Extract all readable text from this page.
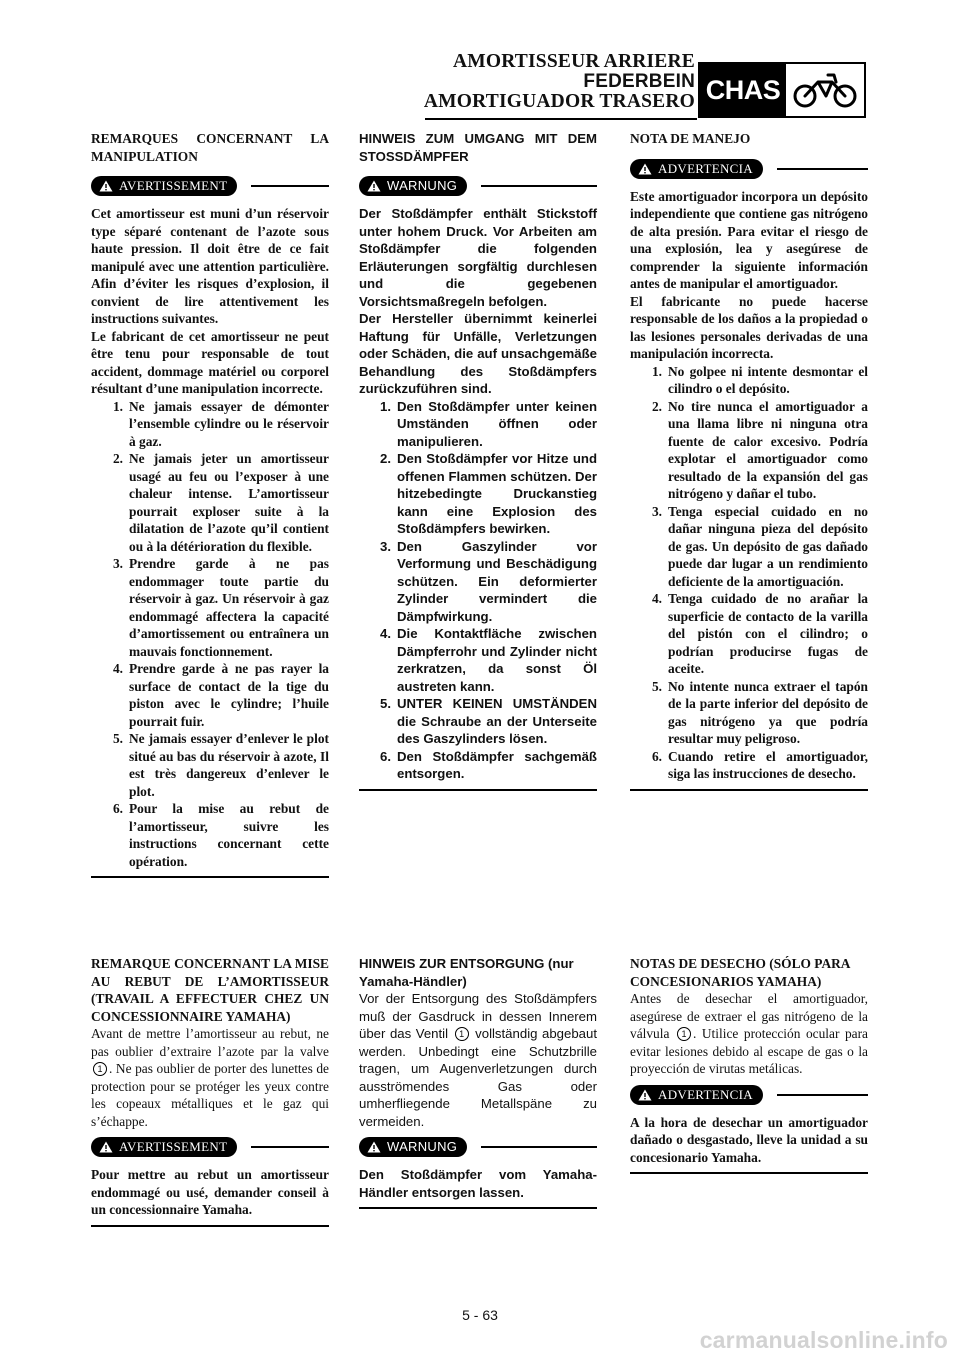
AMORTISSEUR ARRIERE
FEDERBEIN
AMORTIGUADOR TRASERO CHAS

REMARQUES CONCERNANT LA MANIPULATION

AVERTISSEMENT

Cet amortisseur est muni d’un réservoir type séparé contenant de l’azote sous haute pression. Il doit être de ce fait manipulé avec une attention particulière. Afin d’éviter les risques d’explosion, il convient de lire attentivement les instructions suivantes.

Le fabricant de cet amortisseur ne peut être tenu pour responsable de tout accident, dommage matériel ou corporel résultant d’une manipulation incorrecte.

1. Ne jamais essayer de démonter l’ensemble cylindre ou le réservoir à gaz.
2. Ne jamais jeter un amortisseur usagé au feu ou l’exposer à une chaleur intense. L’amortisseur pourrait exploser suite à la dilatation de l’azote qu’il contient ou à la détérioration du flexible.
3. Prendre garde à ne pas endommager toute partie du réservoir à gaz. Un réservoir à gaz endommagé affectera la capacité d’amortissement ou entraînera un mauvais fonctionnement.
4. Prendre garde à ne pas rayer la surface de contact de la tige du piston avec le cylindre; l’huile pourrait fuir.
5. Ne jamais essayer d’enlever le plot situé au bas du réservoir à azote, Il est très dangereux d’enlever le plot.
6. Pour la mise au rebut de l’amortisseur, suivre les instructions concernant cette opération.

HINWEIS ZUM UMGANG MIT DEM STOSSDÄMPFER

WARNUNG

Der Stoßdämpfer enthält Stickstoff unter hohem Druck. Vor Arbeiten am Stoßdämpfer die folgenden Erläuterungen sorgfältig durchlesen und die gegebenen Vorsichtsmaßregeln befolgen.

Der Hersteller übernimmt keinerlei Haftung für Unfälle, Verletzungen oder Schäden, die auf unsachgemäße Behandlung des Stoßdämpfers zurückzuführen sind.

1. Den Stoßdämpfer unter keinen Umständen öffnen oder manipulieren.
2. Den Stoßdämpfer vor Hitze und offenen Flammen schützen. Der hitzebedingte Druckanstieg kann eine Explosion des Stoßdämpfers bewirken.
3. Den Gaszylinder vor Verformung und Beschädigung schützen. Ein deformierter Zylinder vermindert die Dämpfwirkung.
4. Die Kontaktfläche zwischen Dämpferrohr und Zylinder nicht zerkratzen, da sonst Öl austreten kann.
5. UNTER KEINEN UMSTÄNDEN die Schraube an der Unterseite des Gaszylinders lösen.
6. Den Stoßdämpfer sachgemäß entsorgen.

NOTA DE MANEJO

ADVERTENCIA

Este amortiguador incorpora un depósito independiente que contiene gas nitrógeno de alta presión. Para evitar el riesgo de una explosión, lea y asegúrese de comprender la siguiente información antes de manipular el amortiguador.

El fabricante no puede hacerse responsable de los daños a la propiedad o las lesiones personales derivadas de una manipulación incorrecta.

1. No golpee ni intente desmontar el cilindro o el depósito.
2. No tire nunca el amortiguador a una llama libre ni ninguna otra fuente de calor excesivo. Podría explotar el amortiguador como resultado de la expansión del gas nitrógeno y dañar el tubo.
3. Tenga especial cuidado en no dañar ninguna pieza del depósito de gas. Un depósito de gas dañado puede dar lugar a un rendimiento deficiente de la amortiguación.
4. Tenga cuidado de no arañar la superficie de contacto de la varilla del pistón con el cilindro; o podrían producirse fugas de aceite.
5. No intente nunca extraer el tapón de la parte inferior del depósito de gas nitrógeno ya que podría resultar muy peligroso.
6. Cuando retire el amortiguador, siga las instrucciones de desecho.

REMARQUE CONCERNANT LA MISE AU REBUT DE L’AMORTISSEUR (TRAVAIL A EFFECTUER CHEZ UN CONCESSIONNAIRE YAMAHA)

Avant de mettre l’amortisseur au rebut, ne pas oublier d’extraire l’azote par la valve 1 . Ne pas oublier de porter des lunettes de protection pour se protéger les yeux contre les copeaux métalliques et le gaz qui s’échappe.

AVERTISSEMENT

Pour mettre au rebut un amortisseur endommagé ou usé, demander conseil à un concessionnaire Yamaha.

HINWEIS ZUR ENTSORGUNG (nur Yamaha-Händler)

Vor der Entsorgung des Stoßdämpfers muß der Gasdruck in dessen Innerem über das Ventil 1 vollständig abgebaut werden. Unbedingt eine Schutzbrille tragen, um Augenverletzungen durch ausströmendes Gas oder umherfliegende Metallspäne zu vermeiden.

WARNUNG

Den Stoßdämpfer vom Yamaha-Händler entsorgen lassen.

NOTAS DE DESECHO (SÓLO PARA CONCESIONARIOS YAMAHA)

Antes de desechar el amortiguador, asegúrese de extraer el gas nitrógeno de la válvula 1 . Utilice protección ocular para evitar lesiones debido al escape de gas o la proyección de virutas metálicas.

ADVERTENCIA

A la hora de desechar un amortiguador dañado o desgastado, lleve la unidad a su concesionario Yamaha.

5 - 63
carmanualsonline.info
